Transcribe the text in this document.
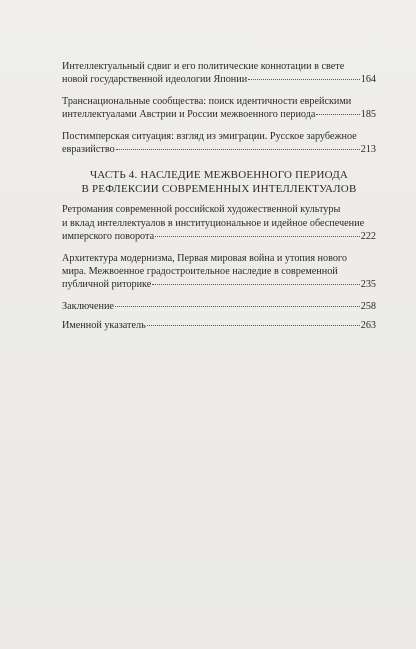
Интеллектуальный сдвиг и его политические коннотации в свете
новой государственной идеологии Японии	164
Транснациональные сообщества: поиск идентичности еврейскими
интеллектуалами Австрии и России межвоенного периода	185
Постимперская ситуация: взгляд из эмиграции. Русское зарубежное
евразийство	213
ЧАСТЬ 4. НАСЛЕДИЕ МЕЖВОЕННОГО ПЕРИОДА
В РЕФЛЕКСИИ СОВРЕМЕННЫХ ИНТЕЛЛЕКТУАЛОВ
Ретромания современной российской художественной культуры
и вклад интеллектуалов в институциональное и идейное обеспечение
имперского поворота	222
Архитектура модернизма, Первая мировая война и утопия нового
мира. Межвоенное градостроительное наследие в современной
публичной риторике	235
Заключение	258
Именной указатель	263
